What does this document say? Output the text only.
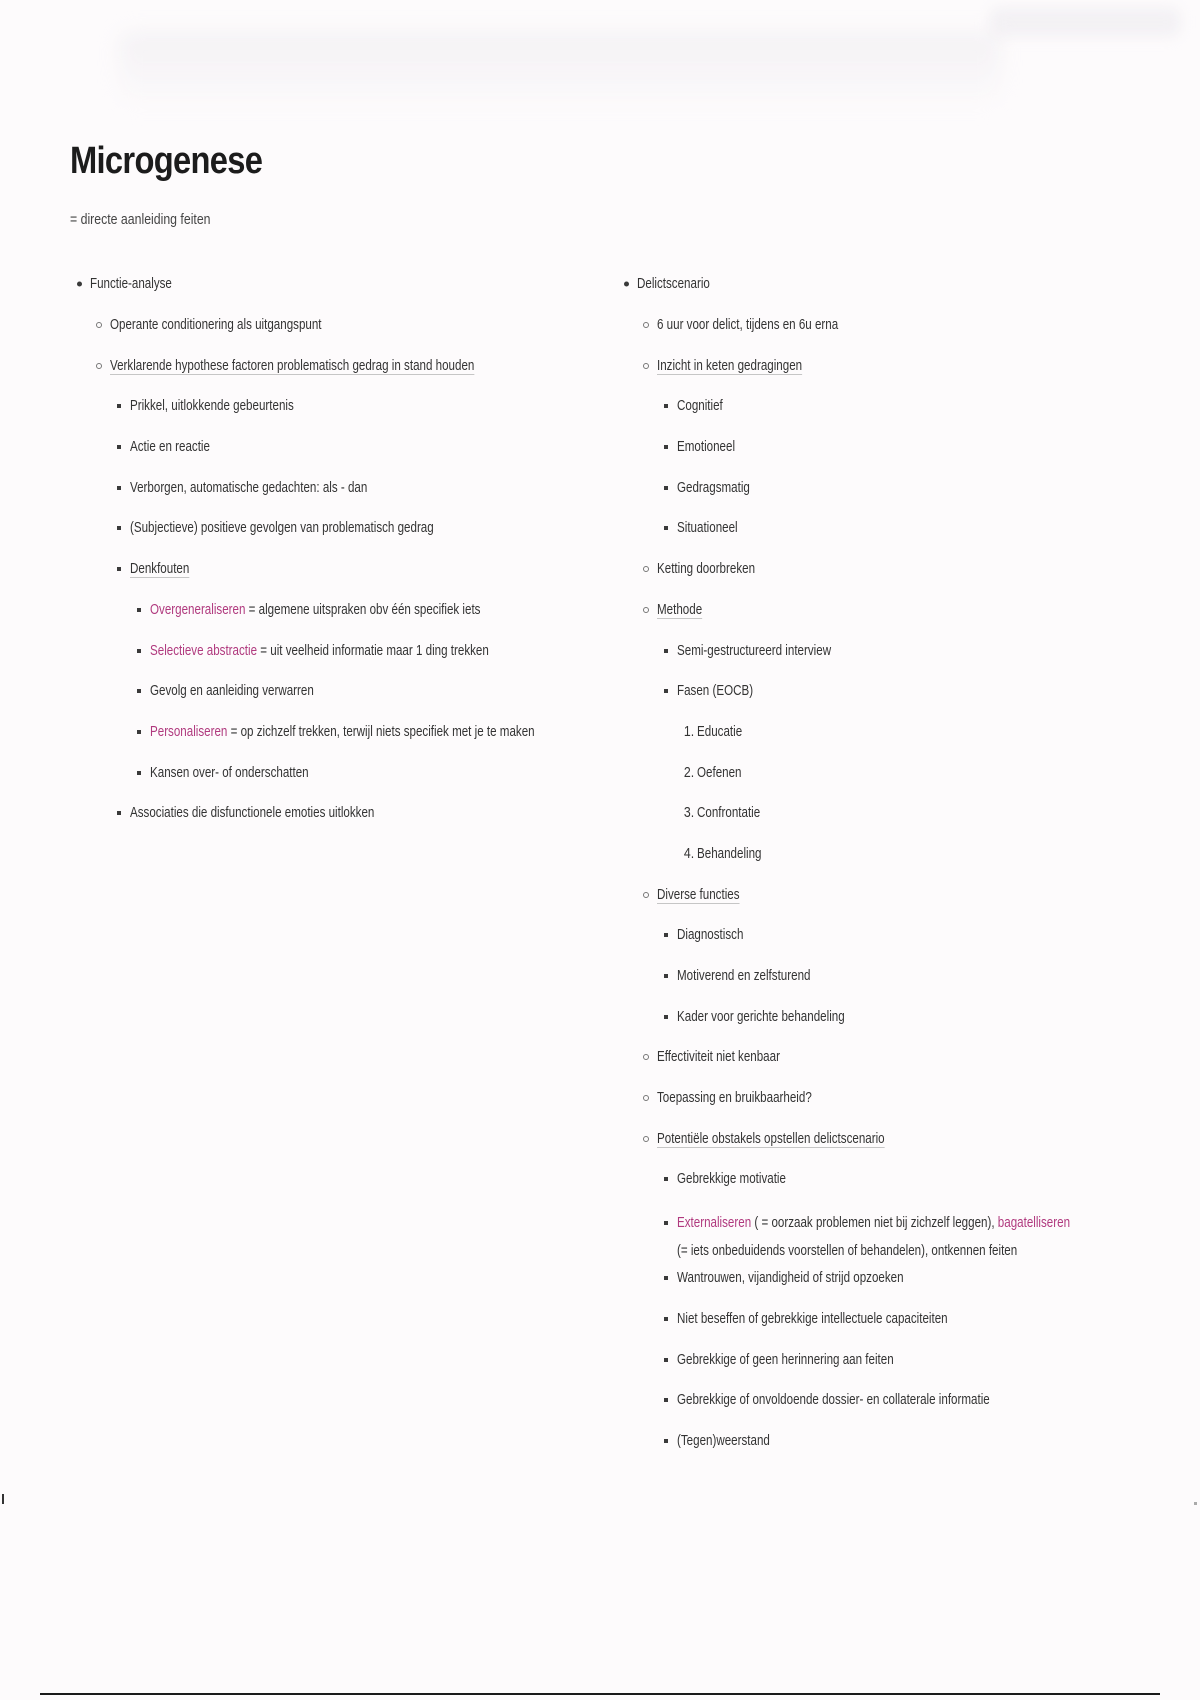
Microgenese
= directe aanleiding feiten
Functie-analyse
Operante conditionering als uitgangspunt
Verklarende hypothese factoren problematisch gedrag in stand houden
Prikkel, uitlokkende gebeurtenis
Actie en reactie
Verborgen, automatische gedachten: als - dan
(Subjectieve) positieve gevolgen van problematisch gedrag
Denkfouten
Overgeneraliseren = algemene uitspraken obv één specifiek iets
Selectieve abstractie = uit veelheid informatie maar 1 ding trekken
Gevolg en aanleiding verwarren
Personaliseren = op zichzelf trekken, terwijl niets specifiek met je te maken
Kansen over- of onderschatten
Associaties die disfunctionele emoties uitlokken
Delictscenario
6 uur voor delict, tijdens en 6u erna
Inzicht in keten gedragingen
Cognitief
Emotioneel
Gedragsmatig
Situationeel
Ketting doorbreken
Methode
Semi-gestructureerd interview
Fasen (EOCB)
1. Educatie
2. Oefenen
3. Confrontatie
4. Behandeling
Diverse functies
Diagnostisch
Motiverend en zelfsturend
Kader voor gerichte behandeling
Effectiviteit niet kenbaar
Toepassing en bruikbaarheid?
Potentiële obstakels opstellen delictscenario
Gebrekkige motivatie
Externaliseren ( = oorzaak problemen niet bij zichzelf leggen), bagatelliseren (= iets onbeduidends voorstellen of behandelen), ontkennen feiten
Wantrouwen, vijandigheid of strijd opzoeken
Niet beseffen of gebrekkige intellectuele capaciteiten
Gebrekkige of geen herinnering aan feiten
Gebrekkige of onvoldoende dossier- en collaterale informatie
(Tegen)weerstand
